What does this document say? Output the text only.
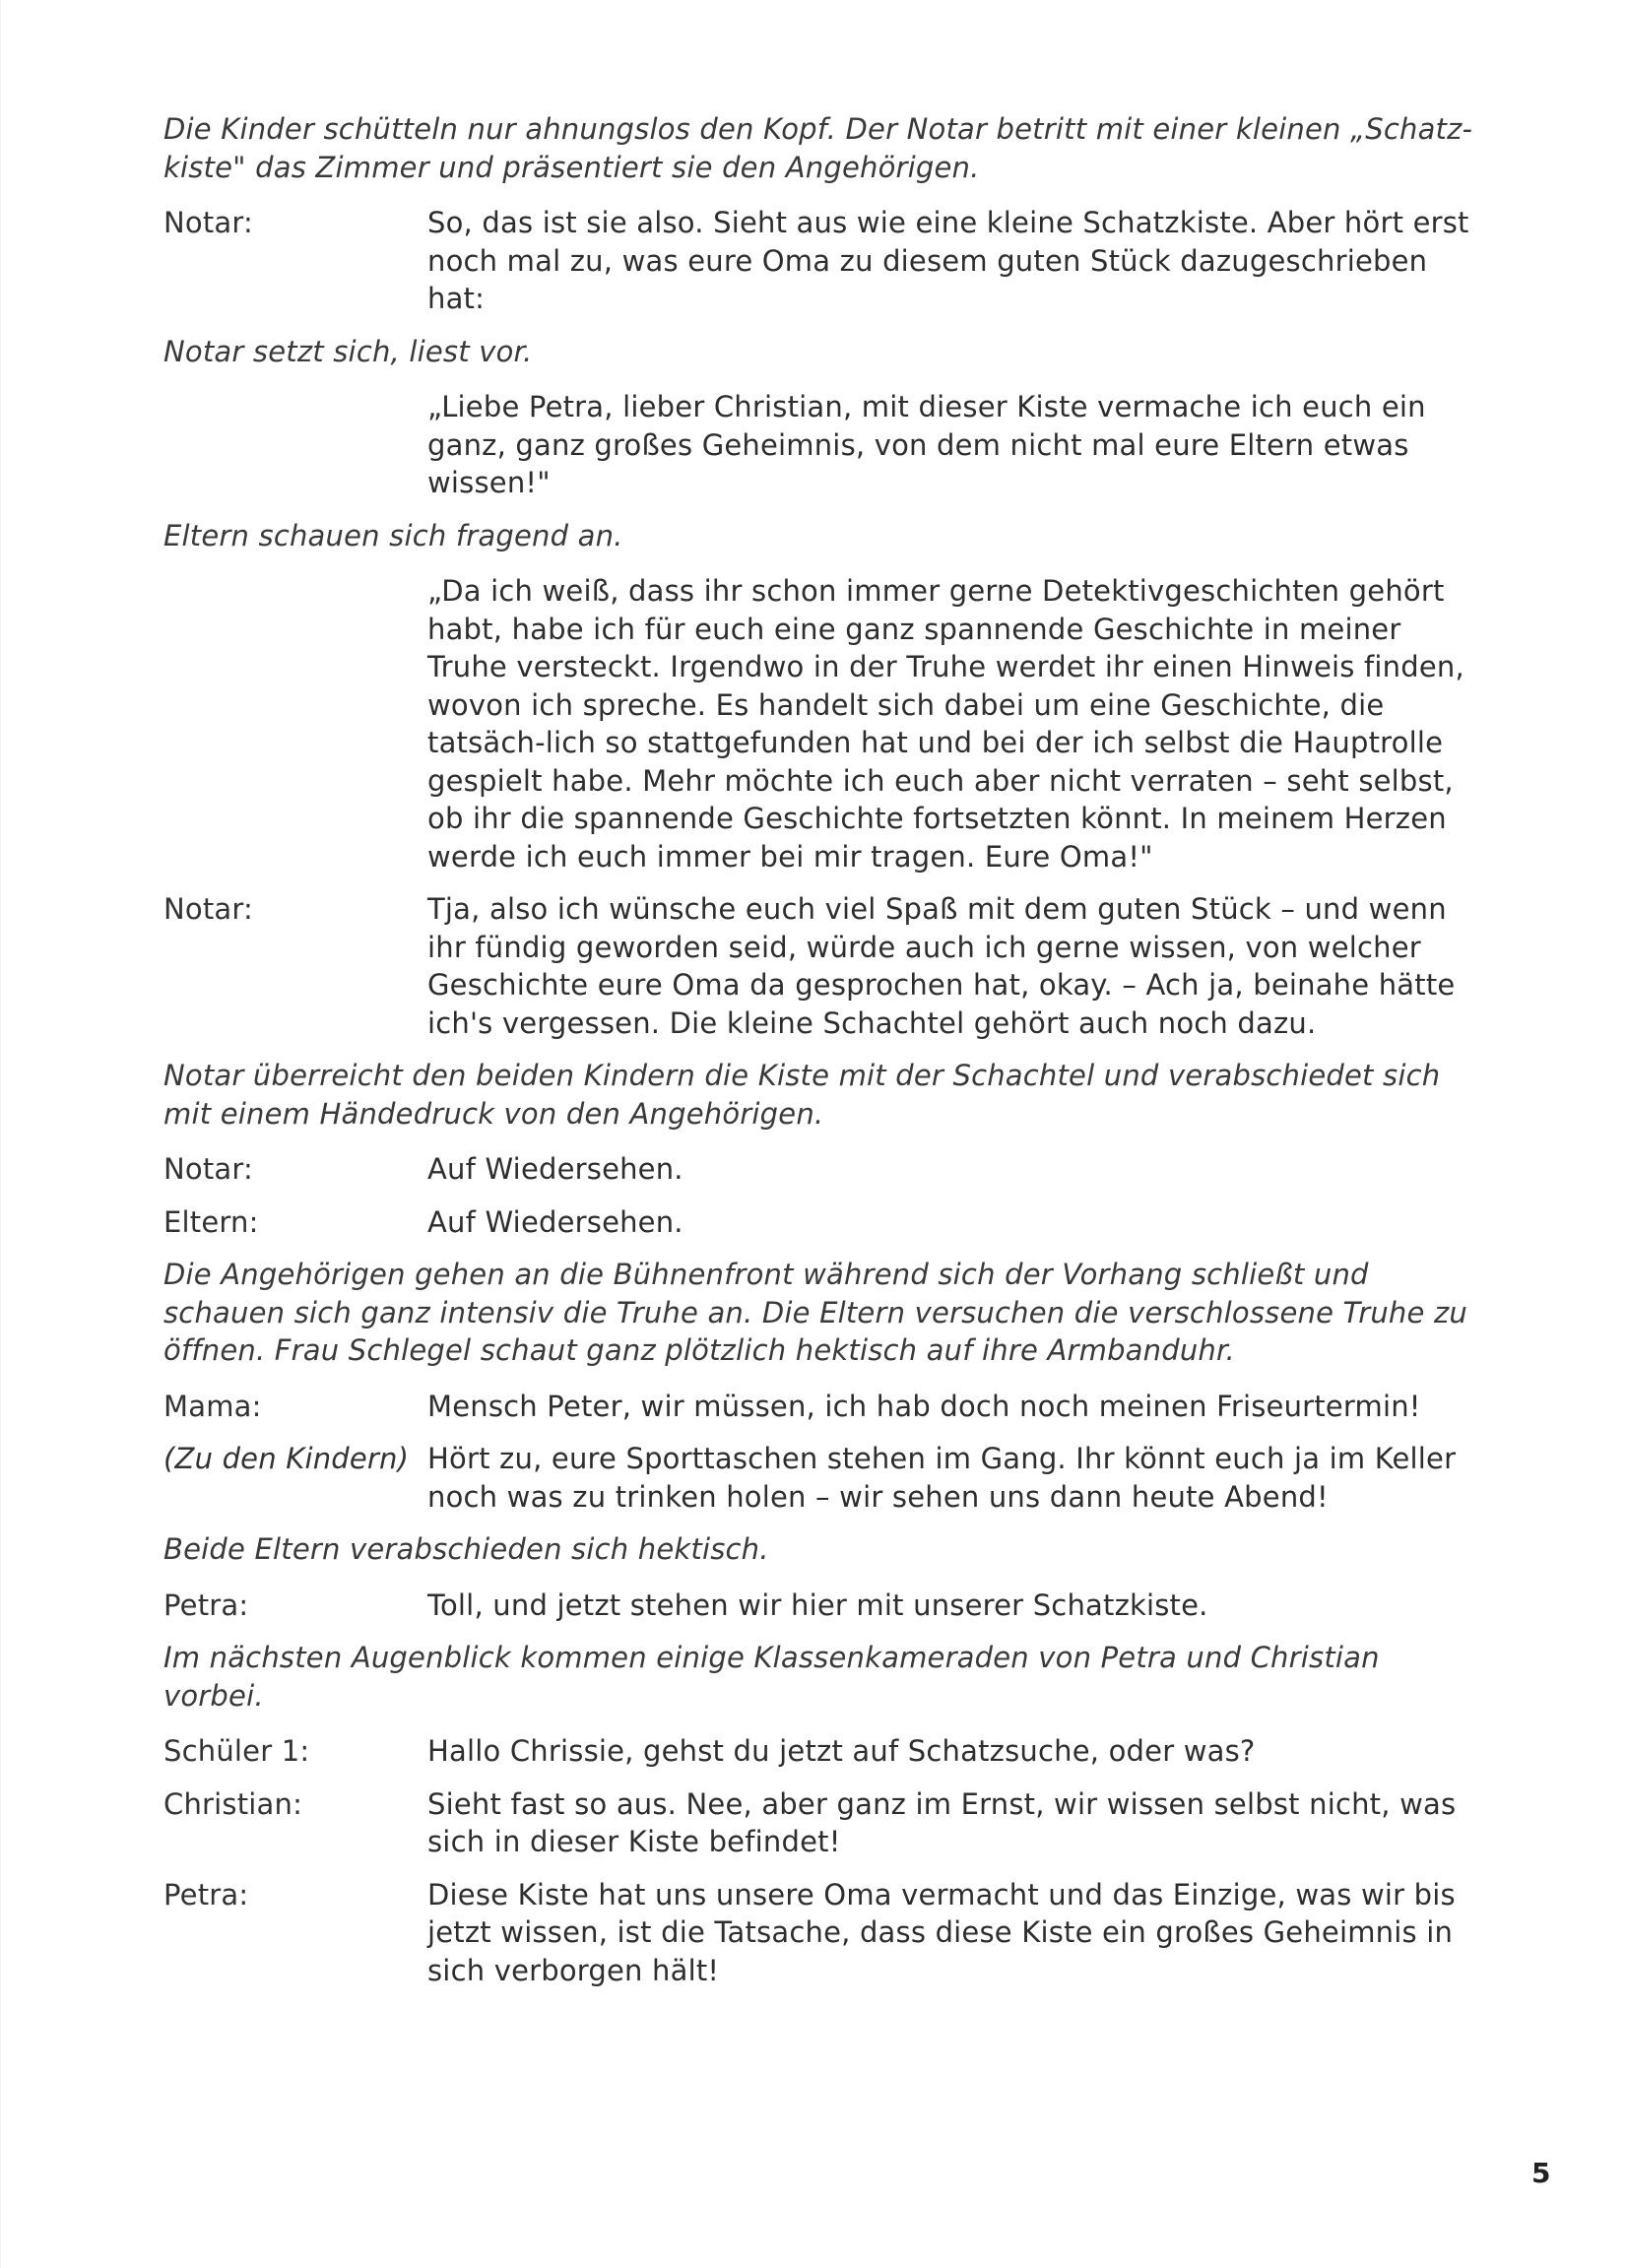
Die Kinder schütteln nur ahnungslos den Kopf. Der Notar betritt mit einer kleinen „Schatz-kiste" das Zimmer und präsentiert sie den Angehörigen.

Notar:	So, das ist sie also. Sieht aus wie eine kleine Schatzkiste. Aber hört erst noch mal zu, was eure Oma zu diesem guten Stück dazugeschrieben hat:

Notar setzt sich, liest vor.

„Liebe Petra, lieber Christian, mit dieser Kiste vermache ich euch ein ganz, ganz großes Geheimnis, von dem nicht mal eure Eltern etwas wissen!"

Eltern schauen sich fragend an.

„Da ich weiß, dass ihr schon immer gerne Detektivgeschichten gehört habt, habe ich für euch eine ganz spannende Geschichte in meiner Truhe versteckt. Irgendwo in der Truhe werdet ihr einen Hinweis finden, wovon ich spreche. Es handelt sich dabei um eine Geschichte, die tatsäch-lich so stattgefunden hat und bei der ich selbst die Hauptrolle gespielt habe. Mehr möchte ich euch aber nicht verraten – seht selbst, ob ihr die spannende Geschichte fortsetzten könnt. In meinem Herzen werde ich euch immer bei mir tragen. Eure Oma!"
Notar:	Tja, also ich wünsche euch viel Spaß mit dem guten Stück – und wenn ihr fündig geworden seid, würde auch ich gerne wissen, von welcher Geschichte eure Oma da gesprochen hat, okay. – Ach ja, beinahe hätte ich's vergessen. Die kleine Schachtel gehört auch noch dazu.

Notar überreicht den beiden Kindern die Kiste mit der Schachtel und verabschiedet sich mit einem Händedruck von den Angehörigen.

Notar:	Auf Wiedersehen.
Eltern:	Auf Wiedersehen.

Die Angehörigen gehen an die Bühnenfront während sich der Vorhang schließt und schauen sich ganz intensiv die Truhe an. Die Eltern versuchen die verschlossene Truhe zu öffnen. Frau Schlegel schaut ganz plötzlich hektisch auf ihre Armbanduhr.

Mama:	Mensch Peter, wir müssen, ich hab doch noch meinen Friseurtermin!
(Zu den Kindern) Hört zu, eure Sporttaschen stehen im Gang. Ihr könnt euch ja im Keller noch was zu trinken holen – wir sehen uns dann heute Abend!

Beide Eltern verabschieden sich hektisch.

Petra:	Toll, und jetzt stehen wir hier mit unserer Schatzkiste.

Im nächsten Augenblick kommen einige Klassenkameraden von Petra und Christian vorbei.

Schüler 1:	Hallo Chrissie, gehst du jetzt auf Schatzsuche, oder was?
Christian:	Sieht fast so aus. Nee, aber ganz im Ernst, wir wissen selbst nicht, was sich in dieser Kiste befindet!
Petra:	Diese Kiste hat uns unsere Oma vermacht und das Einzige, was wir bis jetzt wissen, ist die Tatsache, dass diese Kiste ein großes Geheimnis in sich verborgen hält!
5
